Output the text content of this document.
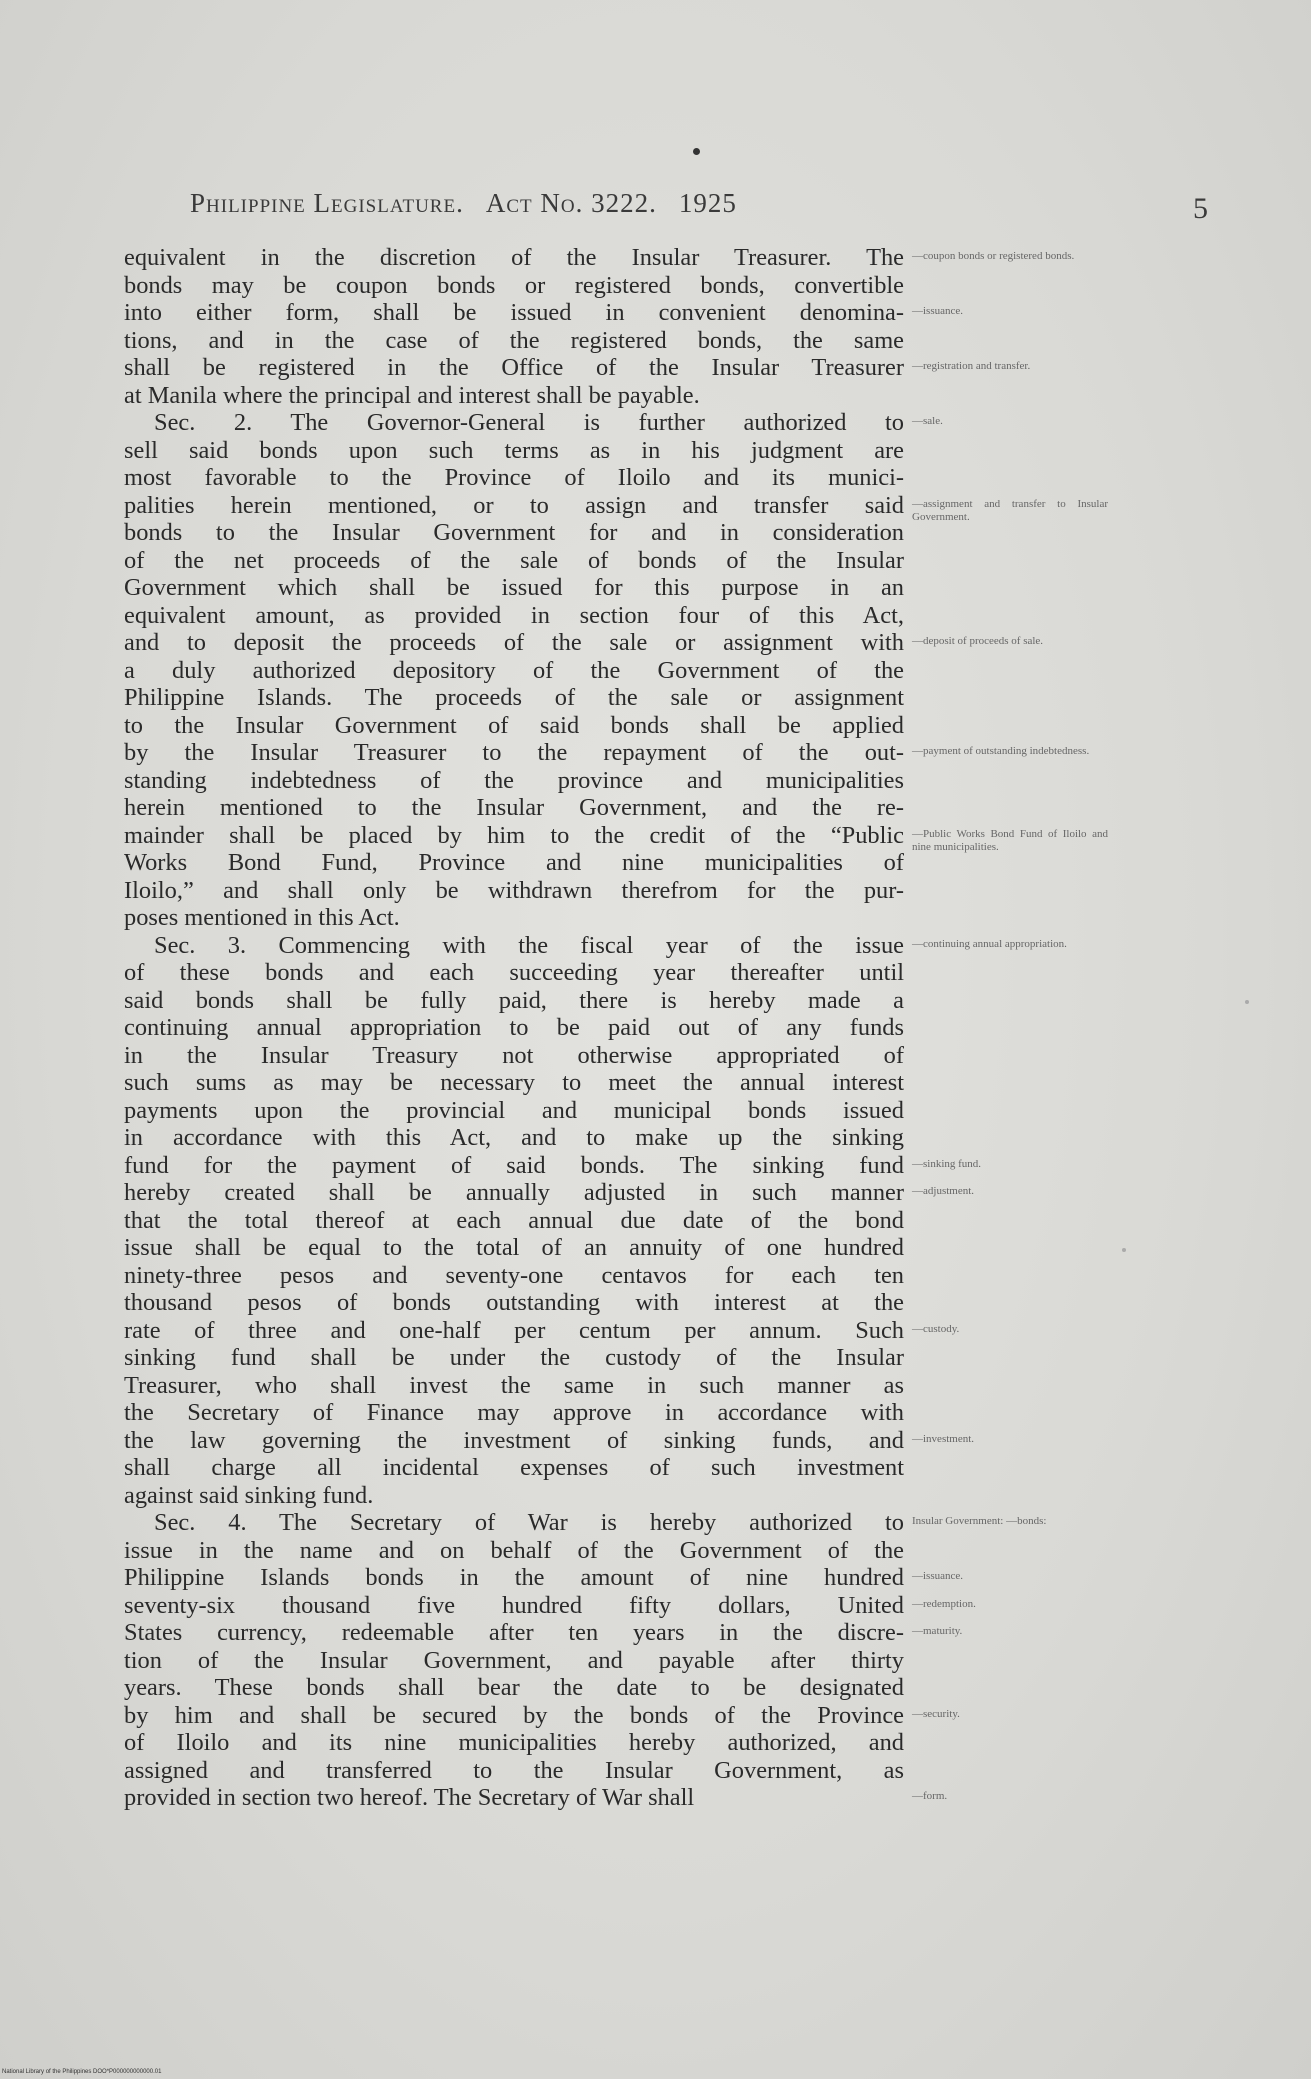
Philippine Legislature. Act No. 3222. 1925	5
equivalent in the discretion of the Insular Treasurer. The
bonds may be coupon bonds or registered bonds, convertible
into either form, shall be issued in convenient denomina-
tions, and in the case of the registered bonds, the same
shall be registered in the Office of the Insular Treasurer
at Manila where the principal and interest shall be payable.
Sec. 2. The Governor-General is further authorized to
sell said bonds upon such terms as in his judgment are
most favorable to the Province of Iloilo and its munici-
palities herein mentioned, or to assign and transfer said
bonds to the Insular Government for and in consideration
of the net proceeds of the sale of bonds of the Insular
Government which shall be issued for this purpose in an
equivalent amount, as provided in section four of this Act,
and to deposit the proceeds of the sale or assignment with
a duly authorized depository of the Government of the
Philippine Islands. The proceeds of the sale or assignment
to the Insular Government of said bonds shall be applied
by the Insular Treasurer to the repayment of the out-
standing indebtedness of the province and municipalities
herein mentioned to the Insular Government, and the re-
mainder shall be placed by him to the credit of the “Public
Works Bond Fund, Province and nine municipalities of
Iloilo,” and shall only be withdrawn therefrom for the pur-
poses mentioned in this Act.
Sec. 3. Commencing with the fiscal year of the issue
of these bonds and each succeeding year thereafter until
said bonds shall be fully paid, there is hereby made a
continuing annual appropriation to be paid out of any funds
in the Insular Treasury not otherwise appropriated of
such sums as may be necessary to meet the annual interest
payments upon the provincial and municipal bonds issued
in accordance with this Act, and to make up the sinking
fund for the payment of said bonds. The sinking fund
hereby created shall be annually adjusted in such manner
that the total thereof at each annual due date of the bond
issue shall be equal to the total of an annuity of one hundred
ninety-three pesos and seventy-one centavos for each ten
thousand pesos of bonds outstanding with interest at the
rate of three and one-half per centum per annum. Such
sinking fund shall be under the custody of the Insular
Treasurer, who shall invest the same in such manner as
the Secretary of Finance may approve in accordance with
the law governing the investment of sinking funds, and
shall charge all incidental expenses of such investment
against said sinking fund.
Sec. 4. The Secretary of War is hereby authorized to
issue in the name and on behalf of the Government of the
Philippine Islands bonds in the amount of nine hundred
seventy-six thousand five hundred fifty dollars, United
States currency, redeemable after ten years in the discre-
tion of the Insular Government, and payable after thirty
years. These bonds shall bear the date to be designated
by him and shall be secured by the bonds of the Province
of Iloilo and its nine municipalities hereby authorized, and
assigned and transferred to the Insular Government, as
provided in section two hereof. The Secretary of War shall
—coupon bonds or registered bonds.
—issuance.
—registration and transfer.
—sale.
—assignment and transfer to Insular Government.
—deposit of proceeds of sale.
—payment of outstanding indebtedness.
—Public Works Bond Fund of Iloilo and nine municipalities.
—continuing annual appropriation.
—sinking fund.
—adjustment.
—custody.
—investment.
Insular Government: —bonds:
—issuance.
—redemption.
—maturity.
—security.
—form.
National Library of the Philippines DOO*P000000000000.01
